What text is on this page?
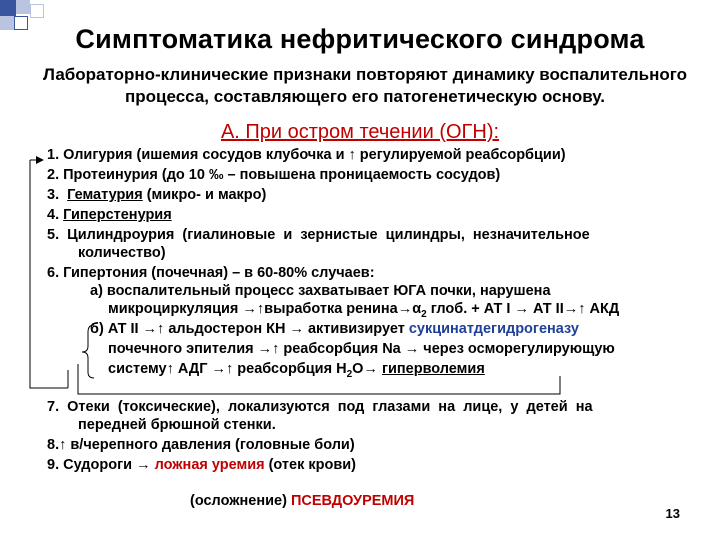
Симптоматика нефритического синдрома
Лабораторно-клинические признаки повторяют динамику воспалительного
процесса, составляющего его патогенетическую основу.
А. При остром течении (ОГН):
1. Олигурия (ишемия сосудов клубочка и ↑ регулируемой реабсорбции)
2. Протеинурия (до 10 ‰ – повышена проницаемость сосудов)
3.  Гематурия (микро- и макро)
4. Гиперстенурия
5.  Цилиндроурия  (гиалиновые  и  зернистые  цилиндры,  незначительное
количество)
6. Гипертония (почечная) – в 60-80% случаев:
а) воспалительный процесс захватывает ЮГА почки, нарушена
микроциркуляция →↑выработка $ренина\to\alpha_2$ глоб. + АТ I → АТ II→↑ АКД
б) АТ II →↑ альдостерон КН → активизирует сукцинатдегидрогеназу
почечного эпителия →↑ реабсорбция Na → через осморегулирующую
систему↑ АДГ →↑ реабсорбция $Н_2О\to$ гиперволемия
7.  Отеки  (токсические),  локализуются  под  глазами  на  лице,  у  детей  на
передней брюшной стенки.
8.↑ в/черепного давления (головные боли)
9. Судороги → ложная уремия (отек крови)
(осложнение) ПСЕВДОУРЕМИЯ
13
